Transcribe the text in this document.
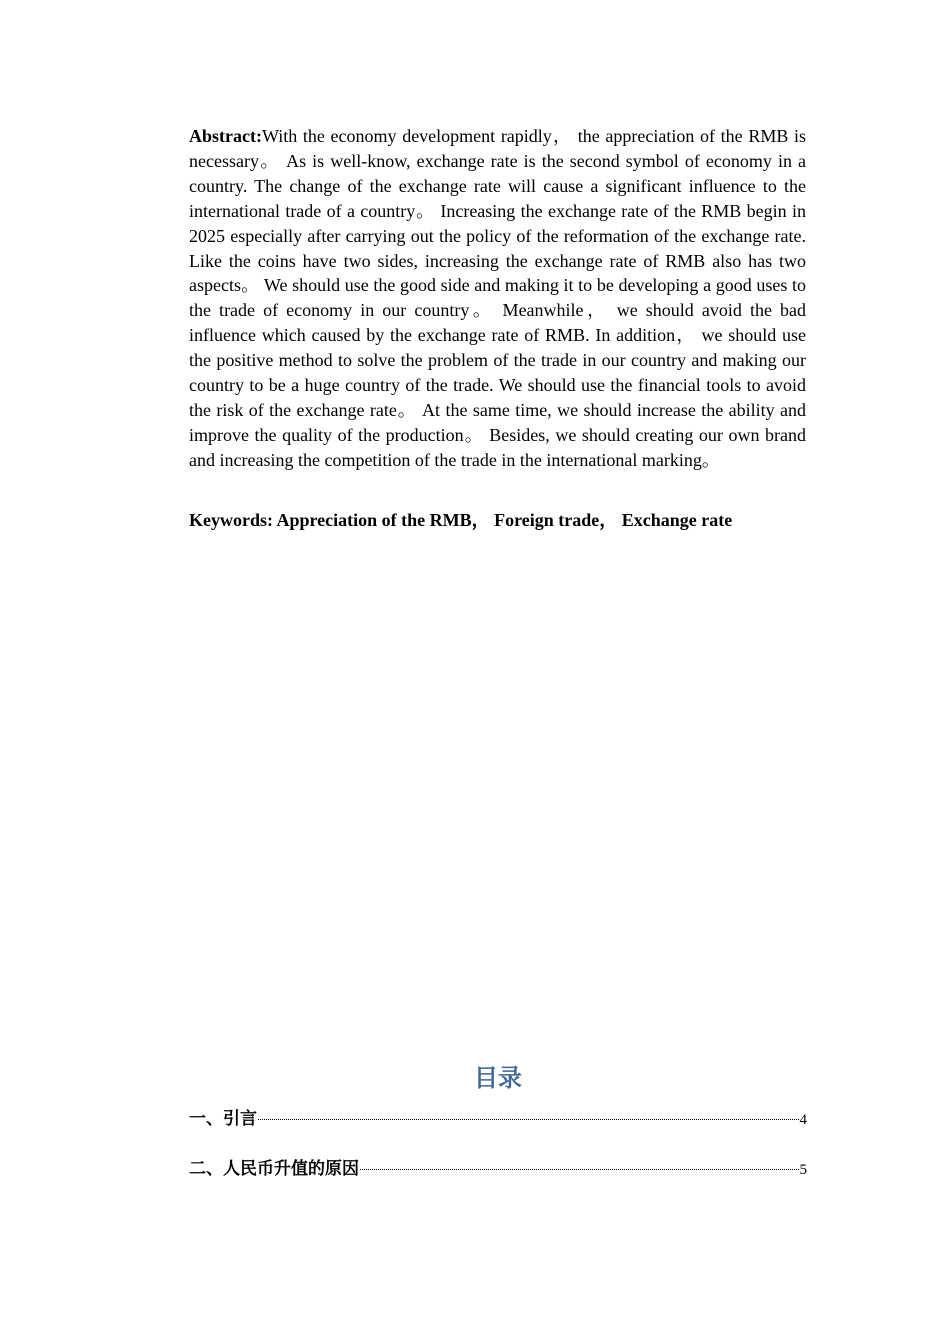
Abstract:With the economy development rapidly， the appreciation of the RMB is necessary。 As is well-know, exchange rate is the second symbol of economy in a country. The change of the exchange rate will cause a significant influence to the international trade of a country。 Increasing the exchange rate of the RMB begin in 2025 especially after carrying out the policy of the reformation of the exchange rate. Like the coins have two sides, increasing the exchange rate of RMB also has two aspects。 We should use the good side and making it to be developing a good uses to the trade of economy in our country。 Meanwhile， we should avoid the bad influence which caused by the exchange rate of RMB. In addition， we should use the positive method to solve the problem of the trade in our country and making our country to be a huge country of the trade. We should use the financial tools to avoid the risk of the exchange rate。 At the same time, we should increase the ability and improve the quality of the production。 Besides, we should creating our own brand and increasing the competition of the trade in the international marking。

Keywords: Appreciation of the RMB， Foreign trade， Exchange rate

目录
一、引言	4
二、人民币升值的原因	5
